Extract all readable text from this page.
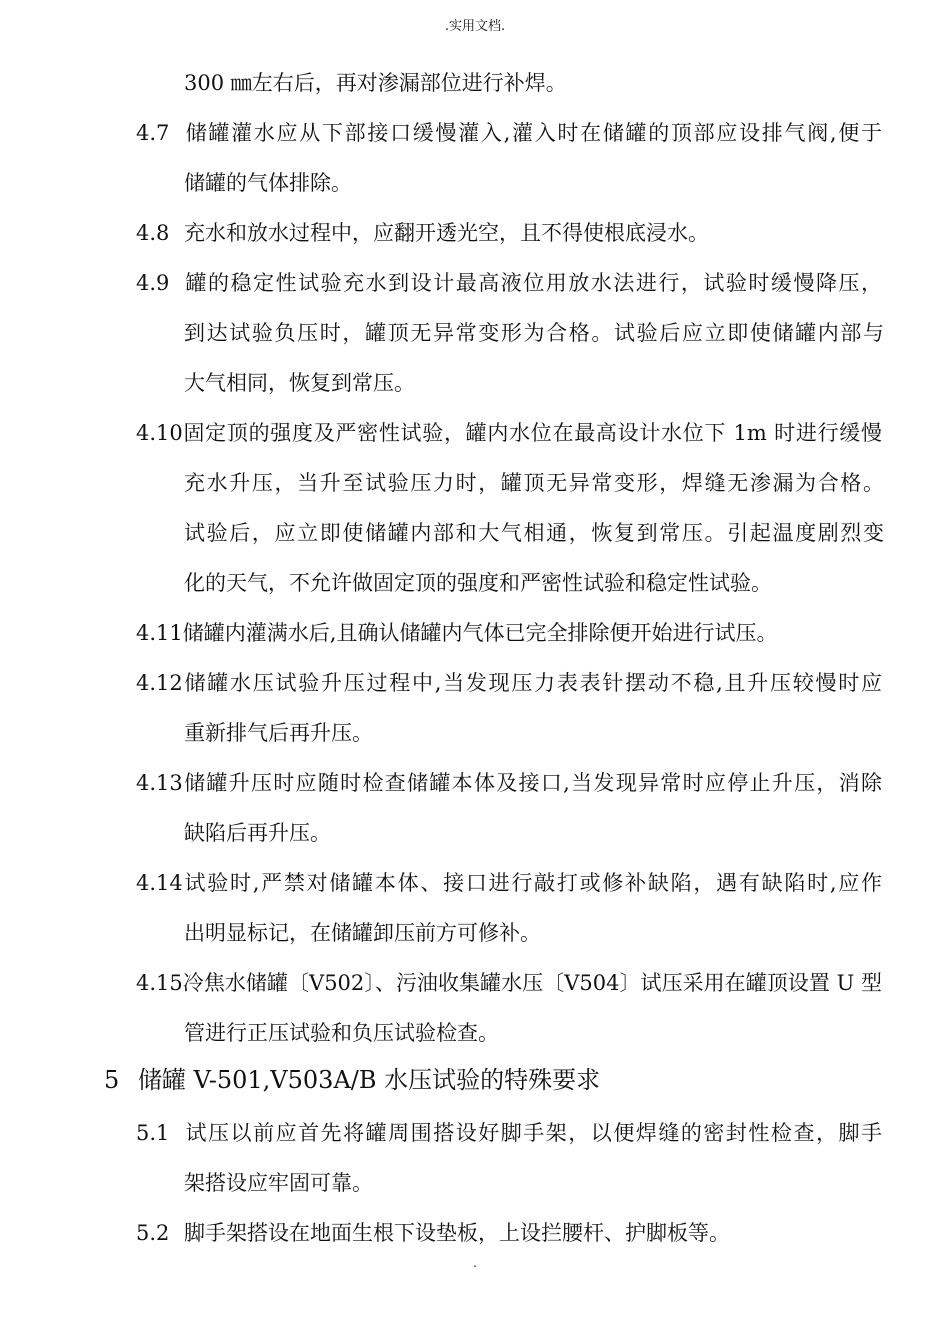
.实用文档.
300 ㎜左右后，再对渗漏部位进行补焊。
4.7 储罐灌水应从下部接口缓慢灌入,灌入时在储罐的顶部应设排气阀,便于
储罐的气体排除。
4.8 充水和放水过程中，应翻开透光空，且不得使根底浸水。
4.9 罐的稳定性试验充水到设计最高液位用放水法进行，试验时缓慢降压，
到达试验负压时，罐顶无异常变形为合格。试验后应立即使储罐内部与
大气相同，恢复到常压。
4.10固定顶的强度及严密性试验，罐内水位在最高设计水位下 1m 时进行缓慢
充水升压，当升至试验压力时，罐顶无异常变形，焊缝无渗漏为合格。
试验后，应立即使储罐内部和大气相通，恢复到常压。引起温度剧烈变
化的天气，不允许做固定顶的强度和严密性试验和稳定性试验。
4.11储罐内灌满水后,且确认储罐内气体已完全排除便开始进行试压。
4.12储罐水压试验升压过程中,当发现压力表表针摆动不稳,且升压较慢时应
重新排气后再升压。
4.13储罐升压时应随时检查储罐本体及接口,当发现异常时应停止升压，消除
缺陷后再升压。
4.14试验时,严禁对储罐本体、接口进行敲打或修补缺陷，遇有缺陷时,应作
出明显标记，在储罐卸压前方可修补。
4.15冷焦水储罐〔V502〕、污油收集罐水压〔V504〕试压采用在罐顶设置 U 型
管进行正压试验和负压试验检查。
5 储罐 V-501,V503A/B 水压试验的特殊要求
5.1 试压以前应首先将罐周围搭设好脚手架，以便焊缝的密封性检查，脚手
架搭设应牢固可靠。
5.2 脚手架搭设在地面生根下设垫板，上设拦腰杆、护脚板等。
.
